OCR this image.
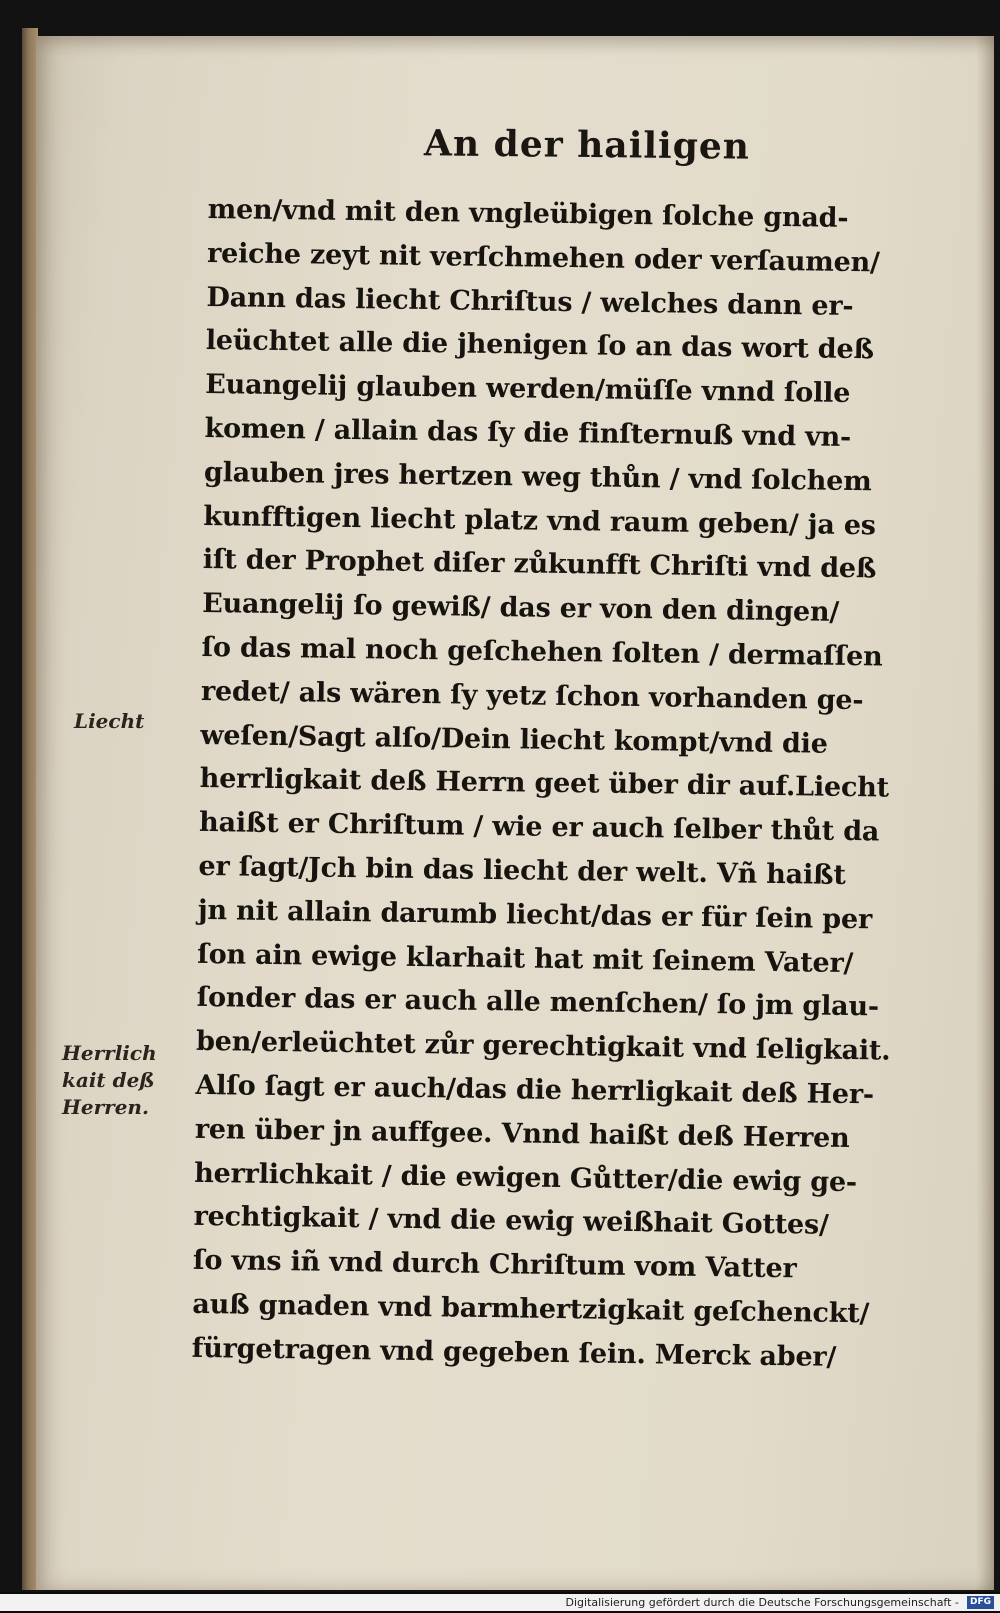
An der hailigen
men/vnd mit den vngleübigen ſolche gnad-
reiche zeyt nit verſchmehen oder verſaumen/
Dann das liecht Chriſtus / welches dann er-
leüchtet alle die jhenigen ſo an das wort deß
Euangelij glauben werden/müſſe vnnd ſolle
komen / allain das ſy die finſternuß vnd vn-
glauben jres hertzen weg thůn / vnd ſolchem
kunfftigen liecht platz vnd raum geben/ ja es
iſt der Prophet diſer zůkunfft Chriſti vnd deß
Euangelij ſo gewiß/ das er von den dingen/
ſo das mal noch geſchehen ſolten / dermaſſen
redet/ als wären ſy yetz ſchon vorhanden ge-
weſen/Sagt alſo/Dein liecht kompt/vnd die
herrligkait deß Herrn geet über dir auf.Liecht
haißt er Chriſtum / wie er auch ſelber thůt da
er ſagt/Jch bin das liecht der welt. Vñ haißt
jn nit allain darumb liecht/das er für ſein per
ſon ain ewige klarhait hat mit ſeinem Vater/
ſonder das er auch alle menſchen/ ſo jm glau-
ben/erleüchtet zůr gerechtigkait vnd ſeligkait.
Alſo ſagt er auch/das die herrligkait deß Her-
ren über jn auffgee. Vnnd haißt deß Herren
herrlichkait / die ewigen Gůtter/die ewig ge-
rechtigkait / vnd die ewig weißhait Gottes/
ſo vns iñ vnd durch Chriſtum vom Vatter
auß gnaden vnd barmhertzigkait geſchenckt/
fürgetragen vnd gegeben ſein. Merck aber/
Liecht
Herrlich
kait deß
Herren.
Digitalisierung gefördert durch die Deutsche Forschungsgemeinschaft - DFG
